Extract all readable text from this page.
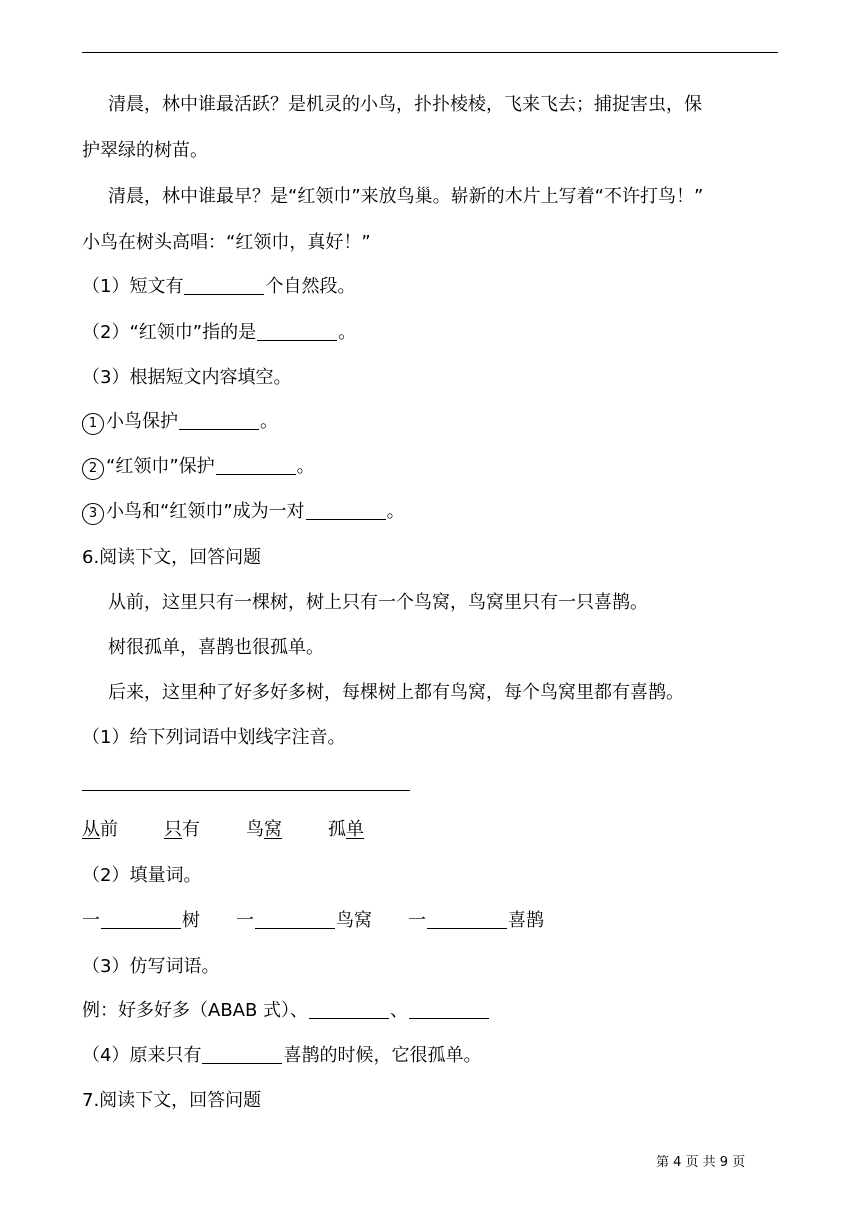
清晨，林中谁最活跃？是机灵的小鸟，扑扑棱棱，飞来飞去；捕捉害虫，保
护翠绿的树苗。
清晨，林中谁最早？是“红领巾”来放鸟巢。崭新的木片上写着“不许打鸟！”
小鸟在树头高唱：“红领巾，真好！”
（1）短文有	个自然段。
（2）“红领巾”指的是	。
（3）根据短文内容填空。
1 小鸟保护	。
2 “红领巾”保护	。
3 小鸟和“红领巾”成为一对	。
6.阅读下文，回答问题
从前，这里只有一棵树，树上只有一个鸟窝，鸟窝里只有一只喜鹊。
树很孤单，喜鹊也很孤单。
后来，这里种了好多好多树，每棵树上都有鸟窝，每个鸟窝里都有喜鹊。
（1）给下列词语中划线字注音。
从前	只有	鸟窝	孤单
（2）填量词。
一	树 一	鸟窝 一	喜鹊
（3）仿写词语。
例：好多好多（ABAB 式）、	、
（4）原来只有	喜鹊的时候，它很孤单。
7.阅读下文，回答问题
第 4 页 共 9 页
